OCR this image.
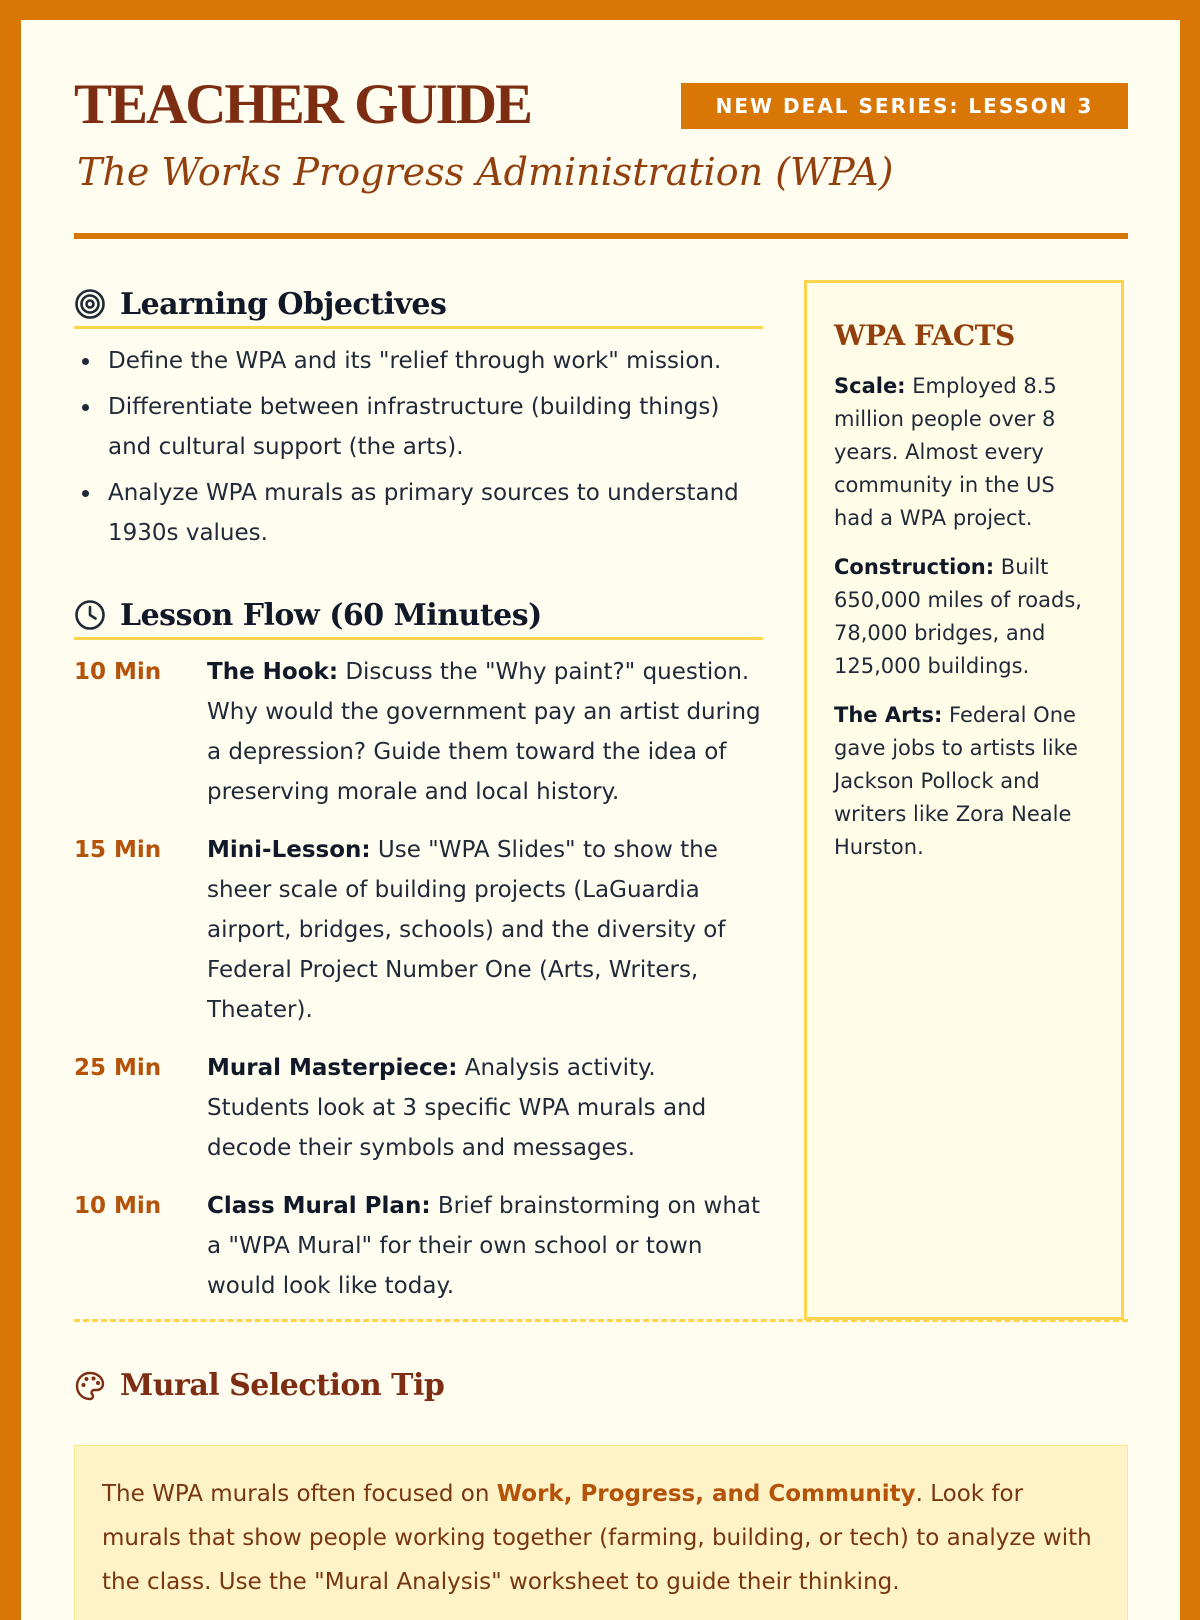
TEACHER GUIDE	NEW DEAL SERIES: LESSON 3

The Works Progress Administration (WPA)

Learning Objectives
Define the WPA and its "relief through work" mission.
Differentiate between infrastructure (building things) and cultural support (the arts).
Analyze WPA murals as primary sources to understand 1930s values.
Lesson Flow (60 Minutes)
10 Min	The Hook: Discuss the "Why paint?" question. Why would the government pay an artist during a depression? Guide them toward the idea of preserving morale and local history.
15 Min	Mini-Lesson: Use "WPA Slides" to show the sheer scale of building projects (LaGuardia airport, bridges, schools) and the diversity of Federal Project Number One (Arts, Writers, Theater).
25 Min	Mural Masterpiece: Analysis activity. Students look at 3 specific WPA murals and decode their symbols and messages.
10 Min	Class Mural Plan: Brief brainstorming on what a "WPA Mural" for their own school or town would look like today.
WPA FACTS

Scale: Employed 8.5 million people over 8 years. Almost every community in the US had a WPA project.

Construction: Built 650,000 miles of roads, 78,000 bridges, and 125,000 buildings.

The Arts: Federal One gave jobs to artists like Jackson Pollock and writers like Zora Neale Hurston.

Mural Selection Tip
The WPA murals often focused on Work, Progress, and Community. Look for murals that show people working together (farming, building, or tech) to analyze with the class. Use the "Mural Analysis" worksheet to guide their thinking.
